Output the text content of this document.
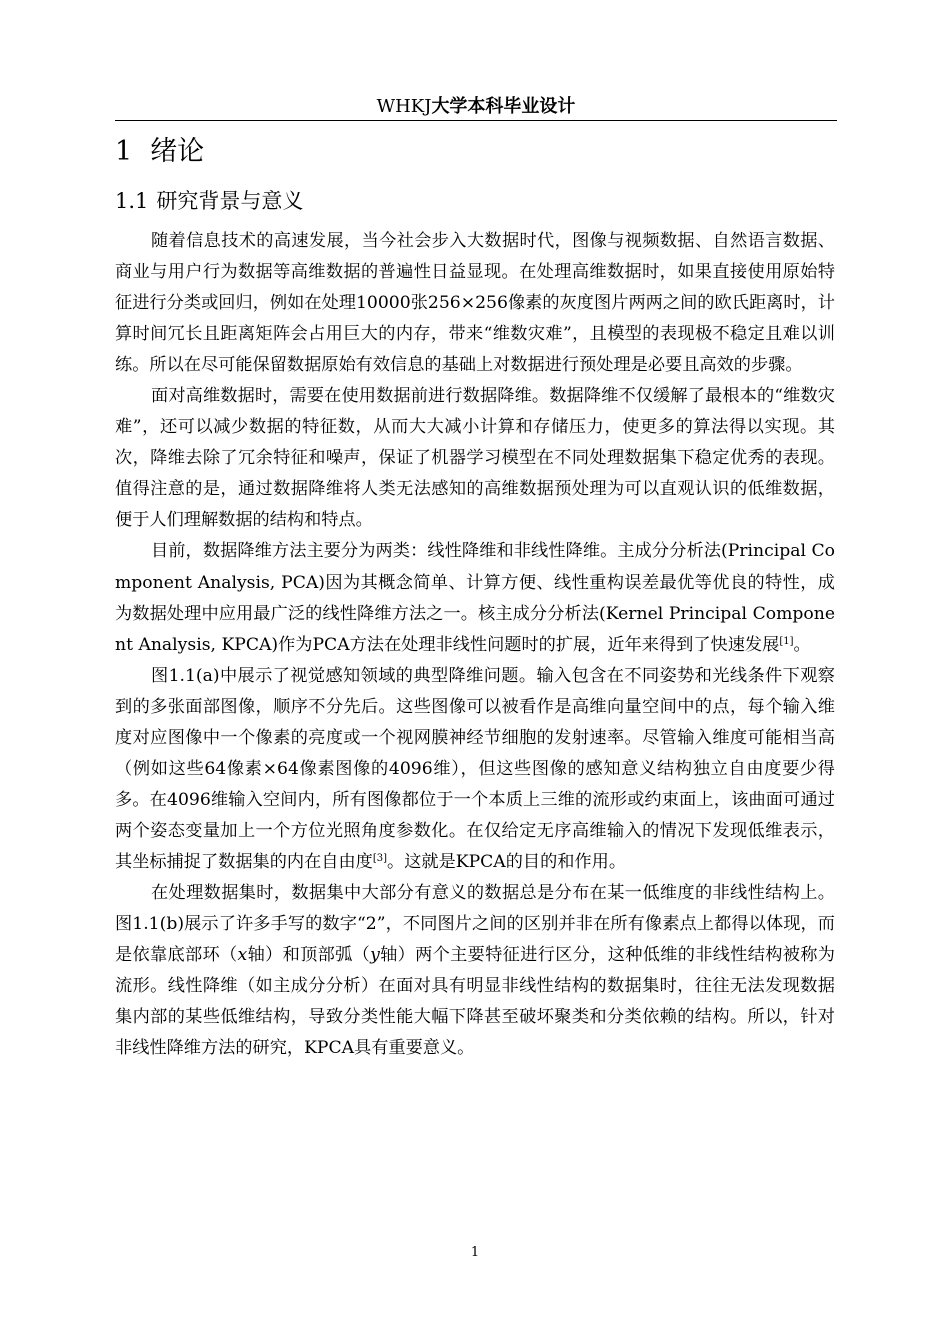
WHKJ大学本科毕业设计
1 绪论
1.1 研究背景与意义

随着信息技术的高速发展，当今社会步入大数据时代，图像与视频数据、自然语言数据、商业与用户行为数据等高维数据的普遍性日益显现。在处理高维数据时，如果直接使用原始特征进行分类或回归，例如在处理10000张256×256像素的灰度图片两两之间的欧氏距离时，计算时间冗长且距离矩阵会占用巨大的内存，带来“维数灾难”，且模型的表现极不稳定且难以训练。所以在尽可能保留数据原始有效信息的基础上对数据进行预处理是必要且高效的步骤。

面对高维数据时，需要在使用数据前进行数据降维。数据降维不仅缓解了最根本的“维数灾难”，还可以减少数据的特征数，从而大大减小计算和存储压力，使更多的算法得以实现。其次，降维去除了冗余特征和噪声，保证了机器学习模型在不同处理数据集下稳定优秀的表现。值得注意的是，通过数据降维将人类无法感知的高维数据预处理为可以直观认识的低维数据，便于人们理解数据的结构和特点。

目前，数据降维方法主要分为两类：线性降维和非线性降维。主成分分析法(Principal Component Analysis, PCA)因为其概念简单、计算方便、线性重构误差最优等优良的特性，成为数据处理中应用最广泛的线性降维方法之一。核主成分分析法(Kernel Principal Component Analysis, KPCA)作为PCA方法在处理非线性问题时的扩展，近年来得到了快速发展[1]。

图1.1(a)中展示了视觉感知领域的典型降维问题。输入包含在不同姿势和光线条件下观察到的多张面部图像，顺序不分先后。这些图像可以被看作是高维向量空间中的点，每个输入维度对应图像中一个像素的亮度或一个视网膜神经节细胞的发射速率。尽管输入维度可能相当高（例如这些64像素×64像素图像的4096维），但这些图像的感知意义结构独立自由度要少得多。在4096维输入空间内，所有图像都位于一个本质上三维的流形或约束面上，该曲面可通过两个姿态变量加上一个方位光照角度参数化。在仅给定无序高维输入的情况下发现低维表示，其坐标捕捉了数据集的内在自由度[3]。这就是KPCA的目的和作用。

在处理数据集时，数据集中大部分有意义的数据总是分布在某一低维度的非线性结构上。图1.1(b)展示了许多手写的数字“2”，不同图片之间的区别并非在所有像素点上都得以体现，而是依靠底部环（x轴）和顶部弧（y轴）两个主要特征进行区分，这种低维的非线性结构被称为流形。线性降维（如主成分分析）在面对具有明显非线性结构的数据集时，往往无法发现数据集内部的某些低维结构，导致分类性能大幅下降甚至破坏聚类和分类依赖的结构。所以，针对非线性降维方法的研究，KPCA具有重要意义。

1
